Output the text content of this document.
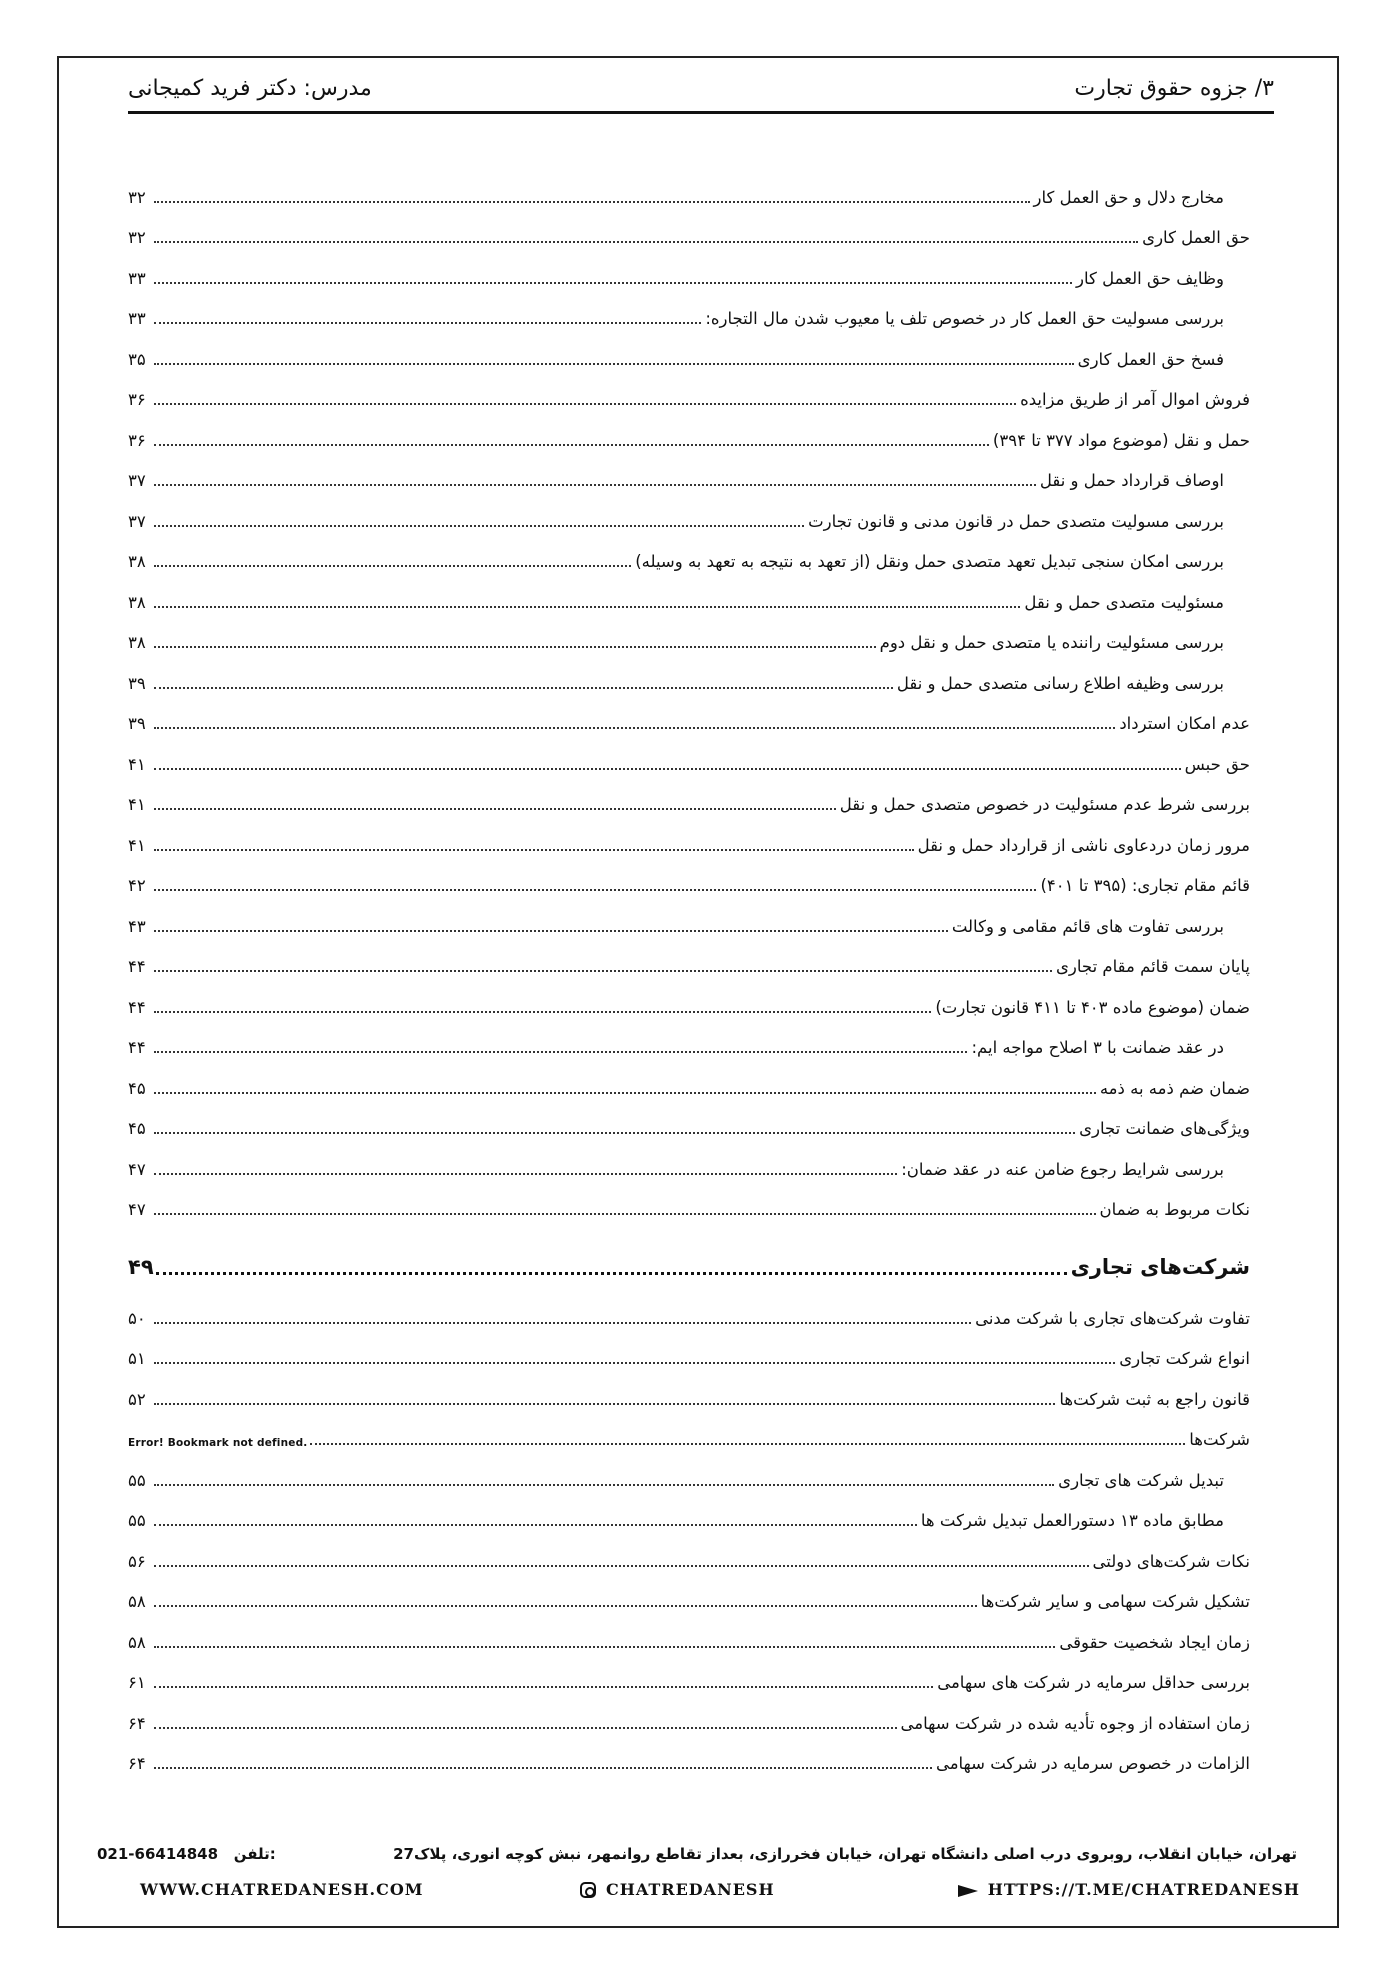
۳/ جزوه حقوق تجارت
مدرس: دکتر فرید کمیجانی
مخارج دلال و حق العمل کار
۳۲
حق العمل کاری
۳۲
وظایف حق العمل کار
۳۳
بررسی مسولیت حق العمل کار در خصوص تلف یا معیوب شدن مال التجاره:
۳۳
فسخ حق العمل کاری
۳۵
فروش اموال آمر از طریق مزایده
۳۶
حمل و نقل (موضوع مواد ۳۷۷ تا ۳۹۴)
۳۶
اوصاف قرارداد حمل و نقل
۳۷
بررسی مسولیت متصدی حمل در قانون مدنی و قانون تجارت
۳۷
بررسی امکان سنجی تبدیل تعهد متصدی حمل ونقل (از تعهد به نتیجه به تعهد به وسیله)
۳۸
مسئولیت متصدی حمل و نقل
۳۸
بررسی مسئولیت راننده یا متصدی حمل و نقل دوم
۳۸
بررسی وظیفه اطلاع رسانی متصدی حمل و نقل
۳۹
عدم امکان استرداد
۳۹
حق حبس
۴۱
بررسی شرط عدم مسئولیت در خصوص متصدی حمل و نقل
۴۱
مرور زمان دردعاوی ناشی از قرارداد حمل و نقل
۴۱
قائم مقام تجاری: (۳۹۵ تا ۴۰۱)
۴۲
بررسی تفاوت های قائم مقامی و وکالت
۴۳
پایان سمت قائم مقام تجاری
۴۴
ضمان (موضوع ماده ۴۰۳ تا ۴۱۱ قانون تجارت)
۴۴
در عقد ضمانت با ۳ اصلاح مواجه ایم:
۴۴
ضمان ضم ذمه به ذمه
۴۵
ویژگی‌های ضمانت تجاری
۴۵
بررسی شرایط رجوع ضامن عنه در عقد ضمان:
۴۷
نکات مربوط به ضمان
۴۷
شرکت‌های تجاری
۴۹
تفاوت شرکت‌های تجاری با شرکت مدنی
۵۰
انواع شرکت تجاری
۵۱
قانون راجع به ثبت شرکت‌ها
۵۲
شرکت‌ها
Error! Bookmark not defined.
تبدیل شرکت های تجاری
۵۵
مطابق ماده ۱۳ دستورالعمل تبدیل شرکت ها
۵۵
نکات شرکت‌های دولتی
۵۶
تشکیل شرکت سهامی و سایر شرکت‌ها
۵۸
زمان ایجاد شخصیت حقوقی
۵۸
بررسی حداقل سرمایه در شرکت های سهامی
۶۱
زمان استفاده از وجوه تأدیه شده در شرکت سهامی
۶۴
الزامات در خصوص سرمایه در شرکت سهامی
۶۴
تهران، خیابان انقلاب، روبروی درب اصلی دانشگاه تهران، خیابان فخررازی، بعداز تقاطع روانمهر، نبش کوچه انوری، پلاک27
021-66414848 تلفن:
WWW.CHATREDANESH.COM	CHATREDANESH	HTTPS://T.ME/CHATREDANESH
